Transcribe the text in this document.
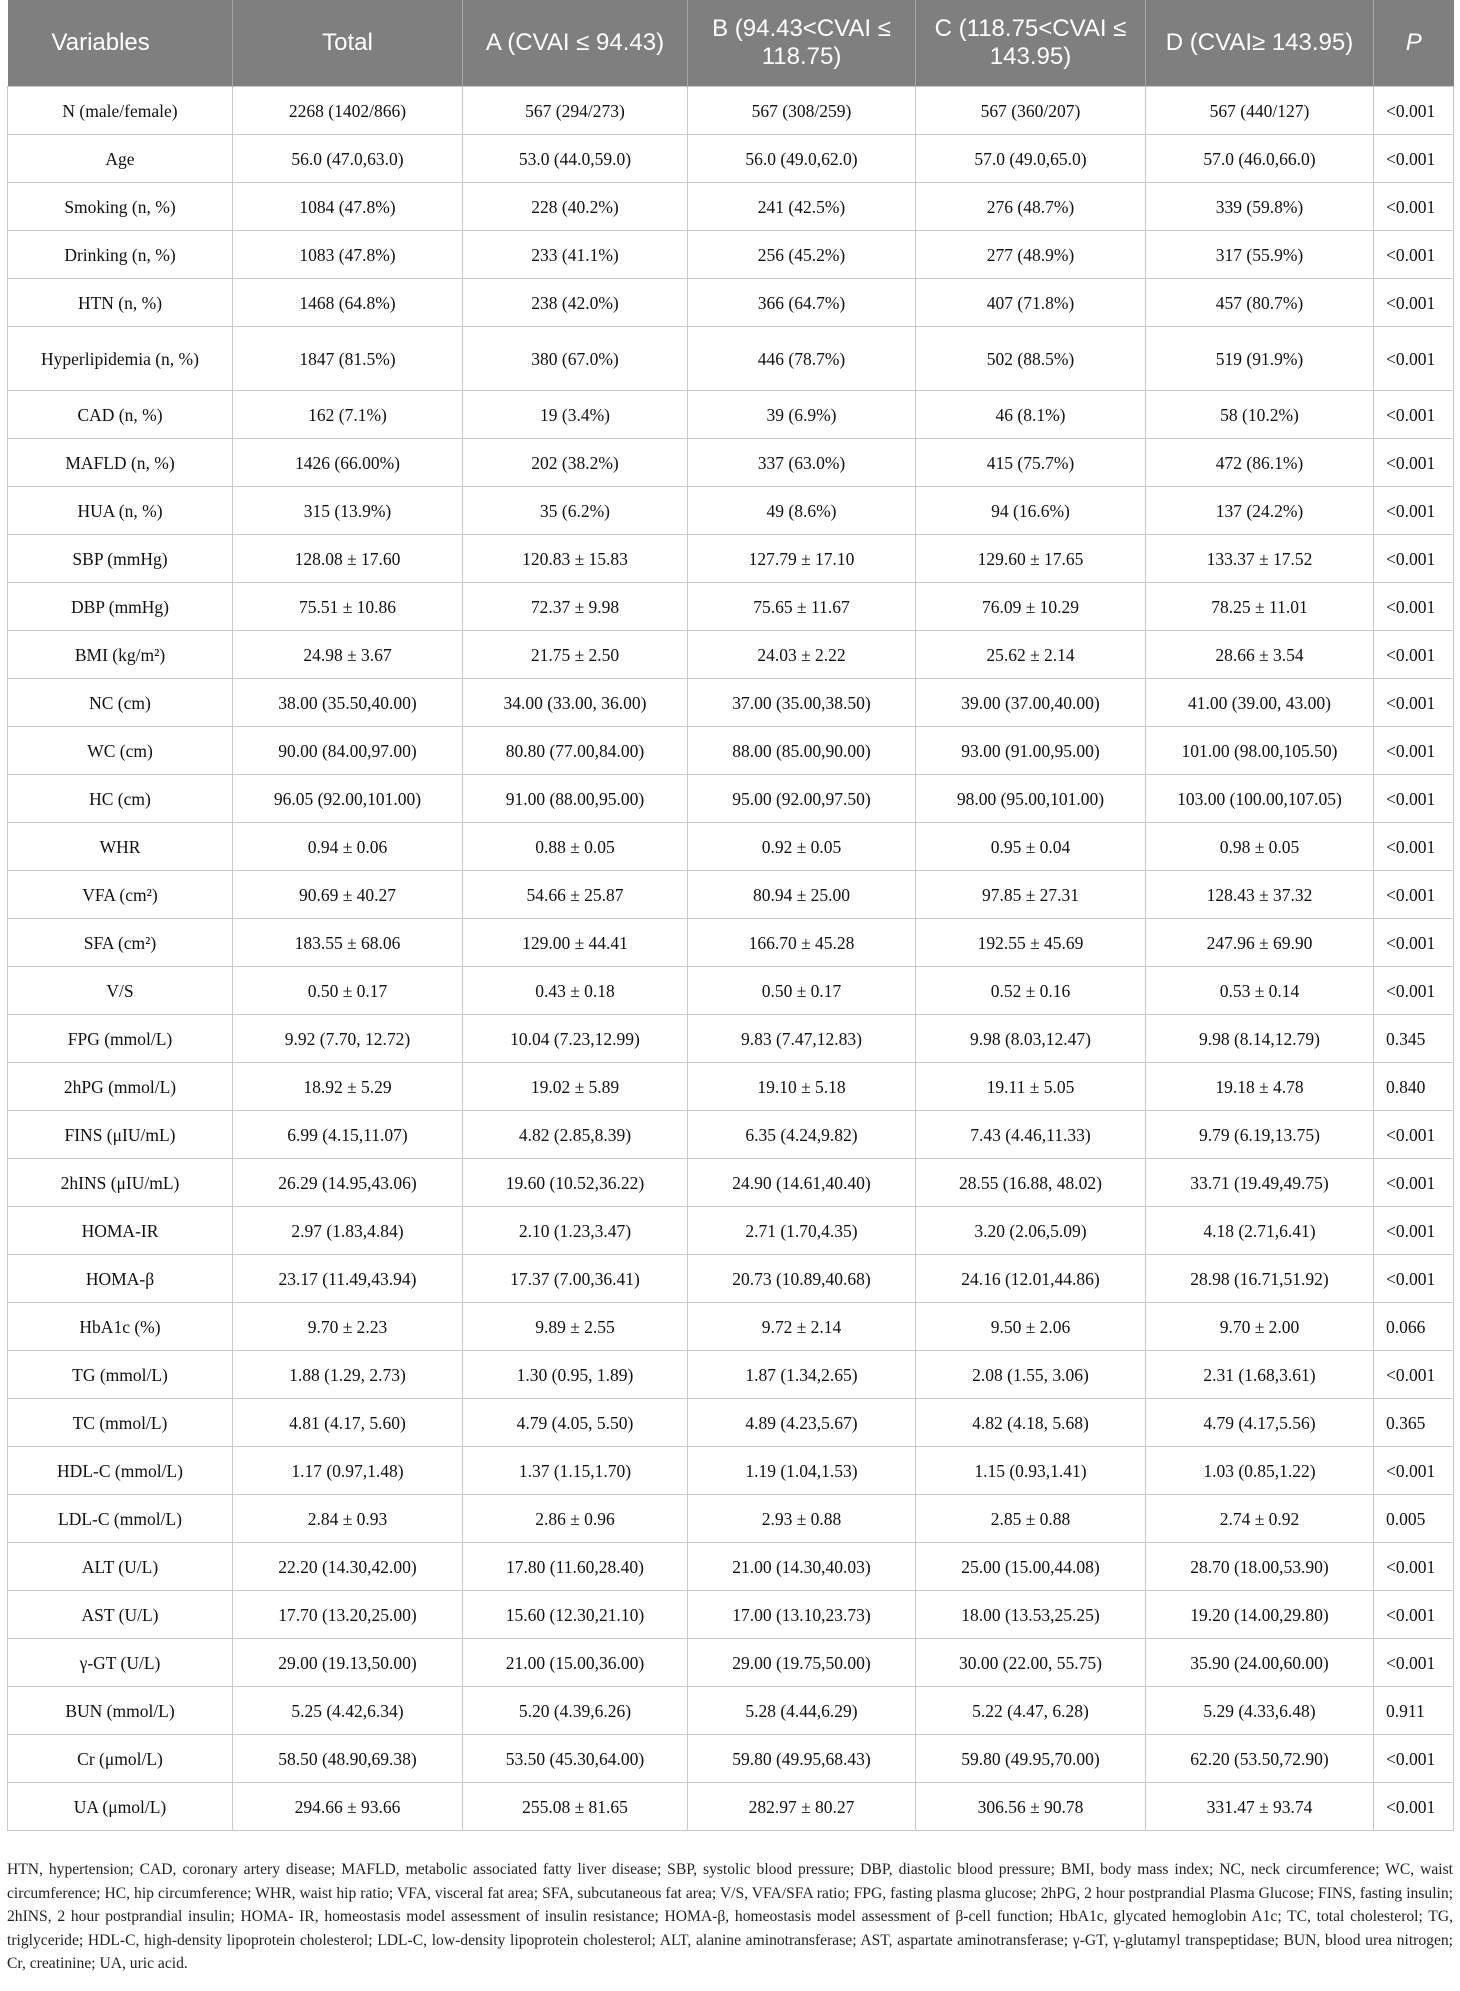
Variables	Total	A (CVAI ≤ 94.43)	B (94.43<CVAI ≤ 118.75)	C (118.75<CVAI ≤ 143.95)	D (CVAI≥ 143.95)	P
N (male/female)	2268 (1402/866)	567 (294/273)	567 (308/259)	567 (360/207)	567 (440/127)	<0.001
Age	56.0 (47.0,63.0)	53.0 (44.0,59.0)	56.0 (49.0,62.0)	57.0 (49.0,65.0)	57.0 (46.0,66.0)	<0.001
Smoking (n, %)	1084 (47.8%)	228 (40.2%)	241 (42.5%)	276 (48.7%)	339 (59.8%)	<0.001
Drinking (n, %)	1083 (47.8%)	233 (41.1%)	256 (45.2%)	277 (48.9%)	317 (55.9%)	<0.001
HTN (n, %)	1468 (64.8%)	238 (42.0%)	366 (64.7%)	407 (71.8%)	457 (80.7%)	<0.001
Hyperlipidemia (n, %)	1847 (81.5%)	380 (67.0%)	446 (78.7%)	502 (88.5%)	519 (91.9%)	<0.001
CAD (n, %)	162 (7.1%)	19 (3.4%)	39 (6.9%)	46 (8.1%)	58 (10.2%)	<0.001
MAFLD (n, %)	1426 (66.00%)	202 (38.2%)	337 (63.0%)	415 (75.7%)	472 (86.1%)	<0.001
HUA (n, %)	315 (13.9%)	35 (6.2%)	49 (8.6%)	94 (16.6%)	137 (24.2%)	<0.001
SBP (mmHg)	128.08 ± 17.60	120.83 ± 15.83	127.79 ± 17.10	129.60 ± 17.65	133.37 ± 17.52	<0.001
DBP (mmHg)	75.51 ± 10.86	72.37 ± 9.98	75.65 ± 11.67	76.09 ± 10.29	78.25 ± 11.01	<0.001
BMI (kg/m²)	24.98 ± 3.67	21.75 ± 2.50	24.03 ± 2.22	25.62 ± 2.14	28.66 ± 3.54	<0.001
NC (cm)	38.00 (35.50,40.00)	34.00 (33.00, 36.00)	37.00 (35.00,38.50)	39.00 (37.00,40.00)	41.00 (39.00, 43.00)	<0.001
WC (cm)	90.00 (84.00,97.00)	80.80 (77.00,84.00)	88.00 (85.00,90.00)	93.00 (91.00,95.00)	101.00 (98.00,105.50)	<0.001
HC (cm)	96.05 (92.00,101.00)	91.00 (88.00,95.00)	95.00 (92.00,97.50)	98.00 (95.00,101.00)	103.00 (100.00,107.05)	<0.001
WHR	0.94 ± 0.06	0.88 ± 0.05	0.92 ± 0.05	0.95 ± 0.04	0.98 ± 0.05	<0.001
VFA (cm²)	90.69 ± 40.27	54.66 ± 25.87	80.94 ± 25.00	97.85 ± 27.31	128.43 ± 37.32	<0.001
SFA (cm²)	183.55 ± 68.06	129.00 ± 44.41	166.70 ± 45.28	192.55 ± 45.69	247.96 ± 69.90	<0.001
V/S	0.50 ± 0.17	0.43 ± 0.18	0.50 ± 0.17	0.52 ± 0.16	0.53 ± 0.14	<0.001
FPG (mmol/L)	9.92 (7.70, 12.72)	10.04 (7.23,12.99)	9.83 (7.47,12.83)	9.98 (8.03,12.47)	9.98 (8.14,12.79)	0.345
2hPG (mmol/L)	18.92 ± 5.29	19.02 ± 5.89	19.10 ± 5.18	19.11 ± 5.05	19.18 ± 4.78	0.840
FINS (μIU/mL)	6.99 (4.15,11.07)	4.82 (2.85,8.39)	6.35 (4.24,9.82)	7.43 (4.46,11.33)	9.79 (6.19,13.75)	<0.001
2hINS (μIU/mL)	26.29 (14.95,43.06)	19.60 (10.52,36.22)	24.90 (14.61,40.40)	28.55 (16.88, 48.02)	33.71 (19.49,49.75)	<0.001
HOMA-IR	2.97 (1.83,4.84)	2.10 (1.23,3.47)	2.71 (1.70,4.35)	3.20 (2.06,5.09)	4.18 (2.71,6.41)	<0.001
HOMA-β	23.17 (11.49,43.94)	17.37 (7.00,36.41)	20.73 (10.89,40.68)	24.16 (12.01,44.86)	28.98 (16.71,51.92)	<0.001
HbA1c (%)	9.70 ± 2.23	9.89 ± 2.55	9.72 ± 2.14	9.50 ± 2.06	9.70 ± 2.00	0.066
TG (mmol/L)	1.88 (1.29, 2.73)	1.30 (0.95, 1.89)	1.87 (1.34,2.65)	2.08 (1.55, 3.06)	2.31 (1.68,3.61)	<0.001
TC (mmol/L)	4.81 (4.17, 5.60)	4.79 (4.05, 5.50)	4.89 (4.23,5.67)	4.82 (4.18, 5.68)	4.79 (4.17,5.56)	0.365
HDL-C (mmol/L)	1.17 (0.97,1.48)	1.37 (1.15,1.70)	1.19 (1.04,1.53)	1.15 (0.93,1.41)	1.03 (0.85,1.22)	<0.001
LDL-C (mmol/L)	2.84 ± 0.93	2.86 ± 0.96	2.93 ± 0.88	2.85 ± 0.88	2.74 ± 0.92	0.005
ALT (U/L)	22.20 (14.30,42.00)	17.80 (11.60,28.40)	21.00 (14.30,40.03)	25.00 (15.00,44.08)	28.70 (18.00,53.90)	<0.001
AST (U/L)	17.70 (13.20,25.00)	15.60 (12.30,21.10)	17.00 (13.10,23.73)	18.00 (13.53,25.25)	19.20 (14.00,29.80)	<0.001
γ-GT (U/L)	29.00 (19.13,50.00)	21.00 (15.00,36.00)	29.00 (19.75,50.00)	30.00 (22.00, 55.75)	35.90 (24.00,60.00)	<0.001
BUN (mmol/L)	5.25 (4.42,6.34)	5.20 (4.39,6.26)	5.28 (4.44,6.29)	5.22 (4.47, 6.28)	5.29 (4.33,6.48)	0.911
Cr (μmol/L)	58.50 (48.90,69.38)	53.50 (45.30,64.00)	59.80 (49.95,68.43)	59.80 (49.95,70.00)	62.20 (53.50,72.90)	<0.001
UA (μmol/L)	294.66 ± 93.66	255.08 ± 81.65	282.97 ± 80.27	306.56 ± 90.78	331.47 ± 93.74	<0.001
HTN, hypertension; CAD, coronary artery disease; MAFLD, metabolic associated fatty liver disease; SBP, systolic blood pressure; DBP, diastolic blood pressure; BMI, body mass index; NC, neck circumference; WC, waist circumference; HC, hip circumference; WHR, waist hip ratio; VFA, visceral fat area; SFA, subcutaneous fat area; V/S, VFA/SFA ratio; FPG, fasting plasma glucose; 2hPG, 2 hour postprandial Plasma Glucose; FINS, fasting insulin; 2hINS, 2 hour postprandial insulin; HOMA- IR, homeostasis model assessment of insulin resistance; HOMA-β, homeostasis model assessment of β-cell function; HbA1c, glycated hemoglobin A1c; TC, total cholesterol; TG, triglyceride; HDL-C, high-density lipoprotein cholesterol; LDL-C, low-density lipoprotein cholesterol; ALT, alanine aminotransferase; AST, aspartate aminotransferase; γ-GT, γ-glutamyl transpeptidase; BUN, blood urea nitrogen; Cr, creatinine; UA, uric acid.
